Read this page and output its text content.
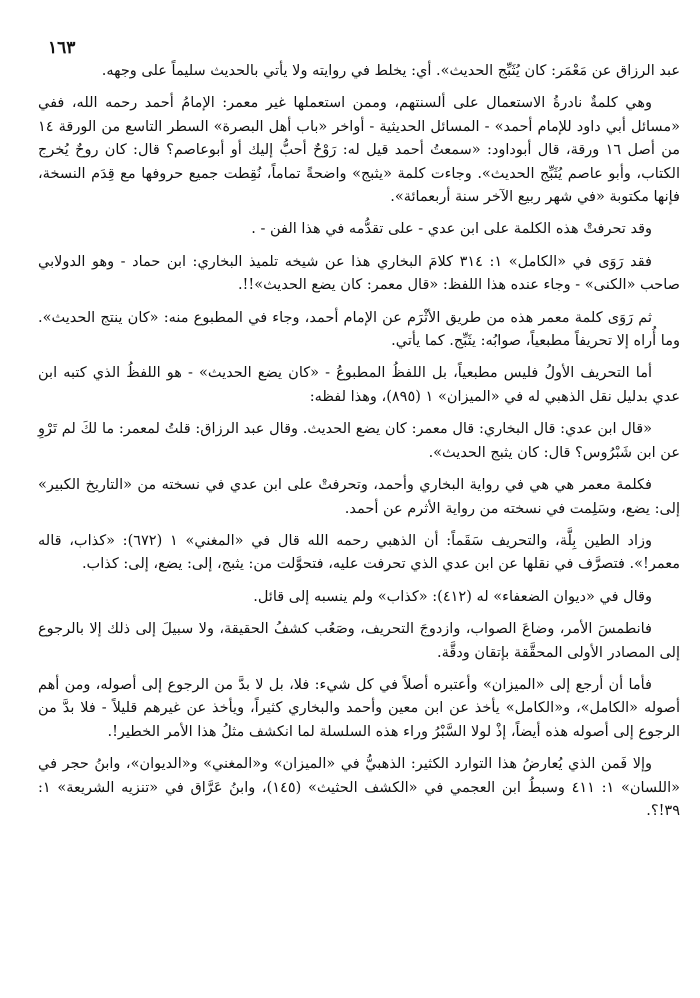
١٦٣

عبد الرزاق عن مَعْمَر: كان يُثَبِّج الحديث». أي: يخلط في روايته ولا يأتي بالحديث سليماً على وجهه.

وهي كلمةٌ نادرةُ الاستعمال على ألسنتهم، وممن استعملها غير معمر: الإمامُ أحمد رحمه الله، ففي «مسائل أبي داود للإمام أحمد» - المسائل الحديثية - أواخر «باب أهل البصرة» السطر التاسع من الورقة ١٤ من أصل ١٦ ورقة، قال أبوداود: «سمعتُ أحمد قيل له: رَوْحٌ أحبُّ إليك أو أبوعاصم؟ قال: كان روحٌ يُخرج الكتاب، وأبو عاصم يُثَبِّج الحديث». وجاءت كلمة «يثبج» واضحةً تماماً، نُقِطت جميع حروفها مع قِدَم النسخة، فإنها مكتوبة «في شهر ربيع الآخر سنة أربعمائة».

وقد تحرفتْ هذه الكلمة على ابن عدي - على تقدُّمه في هذا الفن - .

فقد رَوَى في «الكامل» ١: ٣١٤ كلامَ البخاري هذا عن شيخه تلميذ البخاري: ابن حماد - وهو الدولابي صاحب «الكنى» - وجاء عنده هذا اللفظ: «قال معمر: كان يضع الحديث»!!.

ثم رَوَى كلمة معمر هذه من طريق الأثْرَم عن الإمام أحمد، وجاء في المطبوع منه: «كان ينتج الحديث». وما أُراه إلا تحريفاً مطبعياً، صوابُه: يثَبِّج. كما يأتي.

أما التحريف الأولُ فليس مطبعياً، بل اللفظُ المطبوعُ - «كان يضع الحديث» - هو اللفظُ الذي كتبه ابن عدي بدليل نقل الذهبي له في «الميزان» ١ (٨٩٥)، وهذا لفظه:

«قال ابن عدي: قال البخاري: قال معمر: كان يضع الحديث. وقال عبد الرزاق: قلتُ لمعمر: ما لكَ لم تَرْوِ عن ابن شَبْرُوس؟ قال: كان يثبج الحديث».

فكلمة معمر هي هي في رواية البخاري وأحمد، وتحرفتْ على ابن عدي في نسخته من «التاريخ الكبير» إلى: يضع، وسَلِمت في نسخته من رواية الأثرم عن أحمد.

وزاد الطين بِلَّة، والتحريف سَقَماً: أن الذهبي رحمه الله قال في «المغني» ١ (٦٧٢): «كذاب، قاله معمر!». فتصرَّف في نقلها عن ابن عدي الذي تحرفت عليه، فتحوَّلت من: يثبج، إلى: يضع، إلى: كذاب.

وقال في «ديوان الضعفاء» له (٤١٢): «كذاب» ولم ينسبه إلى قائل.

فانطمسَ الأمر، وضاعَ الصواب، وازدوجَ التحريف، وصَعُب كشفُ الحقيقة، ولا سبيلَ إلى ذلك إلا بالرجوع إلى المصادر الأولى المحقَّقة بإتقان ودقَّة.

فأما أن أرجع إلى «الميزان» وأعتبره أصلاً في كل شيء: فلا، بل لا بدَّ من الرجوع إلى أصوله، ومن أهم أصوله «الكامل»، و«الكامل» يأخذ عن ابن معين وأحمد والبخاري كثيراً، ويأخذ عن غيرهم قليلاً - فلا بدَّ من الرجوع إلى أصوله هذه أيضاً، إذْ لولا السَّبْرُ وراء هذه السلسلة لما انكشف مثلُ هذا الأمر الخطير!.

وإلا فَمن الذي يُعارضُ هذا التوارد الكثير: الذهبيُّ في «الميزان» و«المغني» و«الديوان»، وابنُ حجر في «اللسان» ١: ٤١١ وسبطُ ابن العجمي في «الكشف الحثيث» (١٤٥)، وابنُ عَرَّاق في «تنزيه الشريعة» ١: ٣٩!؟.
